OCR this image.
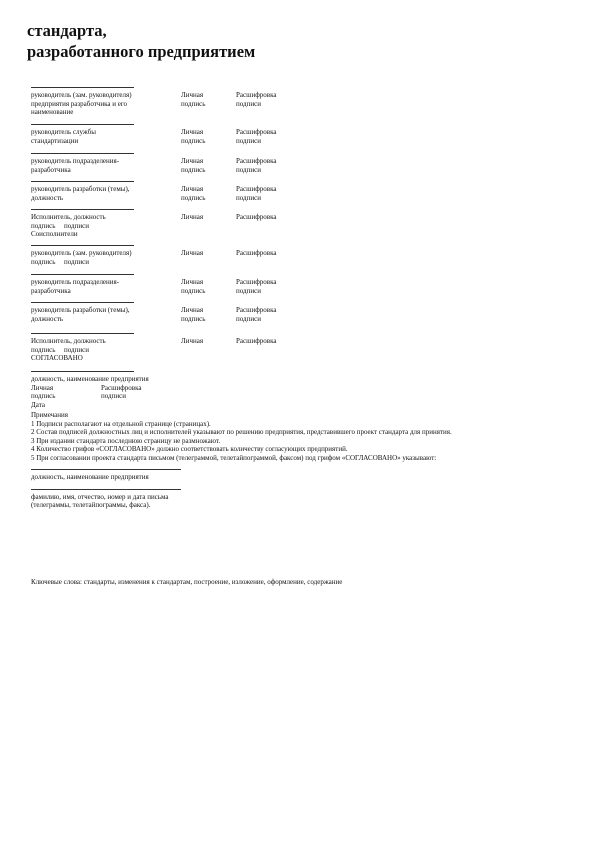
стандарта,
разработанного предприятием
руководитель (зам. руководителя)	Личная	Расшифровка
предприятия разработчика и его	подпись	подписи
наименование
руководитель службы	Личная	Расшифровка
стандартизации	подпись	подписи
руководитель подразделения-	Личная	Расшифровка
разработчика	подпись	подписи
руководитель разработки (темы),	Личная	Расшифровка
должность	подпись	подписи
Исполнитель, должность	Личная	Расшифровка
подпись подписи
Соисполнители
руководитель (зам. руководителя)	Личная	Расшифровка
подпись подписи
руководитель подразделения-	Личная	Расшифровка
разработчика	подпись	подписи
руководитель разработки (темы),	Личная	Расшифровка
должность	подпись	подписи
Исполнитель, должность	Личная	Расшифровка
подпись подписи
СОГЛАСОВАНО
должность, наименование предприятия
Личная	Расшифровка
подпись	подписи
Дата
Примечания
1 Подписи располагают на отдельной странице (страницах).
2 Состав подписей должностных лиц и исполнителей указывают по решению предприятия, представившего проект стандарта для принятия.
3 При издании стандарта последнюю страницу не размножают.
4 Количество грифов «СОГЛАСОВАНО» должно соответствовать количеству согласующих предприятий.
5 При согласовании проекта стандарта письмом (телеграммой, телетайпограммой, факсом) под грифом «СОГЛАСОВАНО» указывают:
должность, наименование предприятия
фамилию, имя, отчество, номер и дата письма
(телеграммы, телетайпограммы, факса).
Ключевые слова: стандарты, изменения к стандартам, построение, изложение, оформление, содержание
